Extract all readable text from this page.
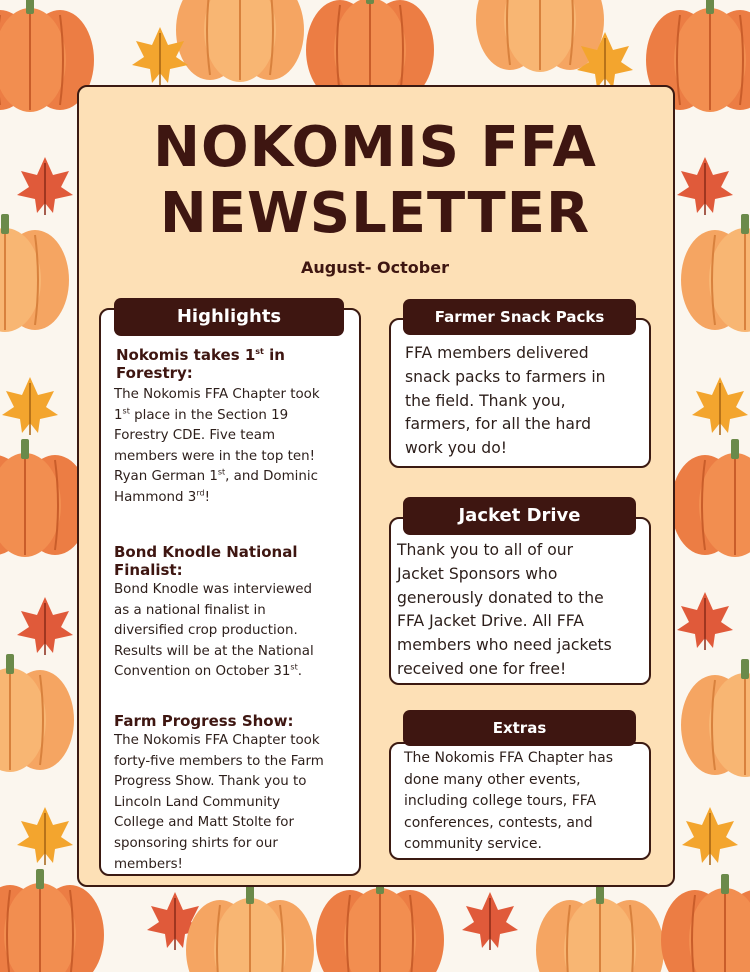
NOKOMIS FFA
NEWSLETTER
August- October
Highlights
Nokomis takes 1st in Forestry:
The Nokomis FFA Chapter took
1st place in the Section 19
Forestry CDE. Five team
members were in the top ten!
Ryan German 1st, and Dominic
Hammond 3rd!
Bond Knodle National
Finalist:
Bond Knodle was interviewed
as a national finalist in
diversified crop production.
Results will be at the National
Convention on October 31st.
Farm Progress Show:
The Nokomis FFA Chapter took
forty-five members to the Farm
Progress Show. Thank you to
Lincoln Land Community
College and Matt Stolte for
sponsoring shirts for our
members!
Farmer Snack Packs
FFA members delivered
snack packs to farmers in
the field. Thank you,
farmers, for all the hard
work you do!
Jacket Drive
Thank you to all of our
Jacket Sponsors who
generously donated to the
FFA Jacket Drive. All FFA
members who need jackets
received one for free!
Extras
The Nokomis FFA Chapter has
done many other events,
including college tours, FFA
conferences, contests, and
community service.
